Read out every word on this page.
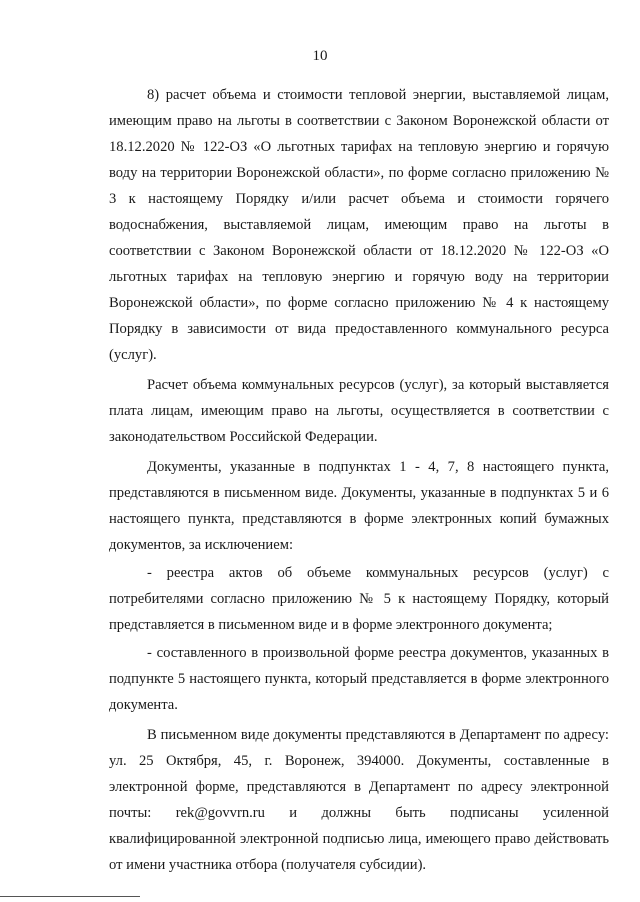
10

8) расчет объема и стоимости тепловой энергии, выставляемой лицам, имеющим право на льготы в соответствии с Законом Воронежской области от 18.12.2020 № 122-ОЗ «О льготных тарифах на тепловую энергию и горячую воду на территории Воронежской области», по форме согласно приложению № 3 к настоящему Порядку и/или расчет объема и стоимости горячего водоснабжения, выставляемой лицам, имеющим право на льготы в соответствии с Законом Воронежской области от 18.12.2020 № 122-ОЗ «О льготных тарифах на тепловую энергию и горячую воду на территории Воронежской области», по форме согласно приложению № 4 к настоящему Порядку в зависимости от вида предоставленного коммунального ресурса (услуг).

Расчет объема коммунальных ресурсов (услуг), за который выставляется плата лицам, имеющим право на льготы, осуществляется в соответствии с законодательством Российской Федерации.

Документы, указанные в подпунктах 1 - 4, 7, 8 настоящего пункта, представляются в письменном виде. Документы, указанные в подпунктах 5 и 6 настоящего пункта, представляются в форме электронных копий бумажных документов, за исключением:

- реестра актов об объеме коммунальных ресурсов (услуг) с потребителями согласно приложению № 5 к настоящему Порядку, который представляется в письменном виде и в форме электронного документа;

- составленного в произвольной форме реестра документов, указанных в подпункте 5 настоящего пункта, который представляется в форме электронного документа.

В письменном виде документы представляются в Департамент по адресу: ул. 25 Октября, 45, г. Воронеж, 394000. Документы, составленные в электронной форме, представляются в Департамент по адресу электронной почты: rek@govvrn.ru и должны быть подписаны усиленной квалифицированной электронной подписью лица, имеющего право действовать от имени участника отбора (получателя субсидии).
